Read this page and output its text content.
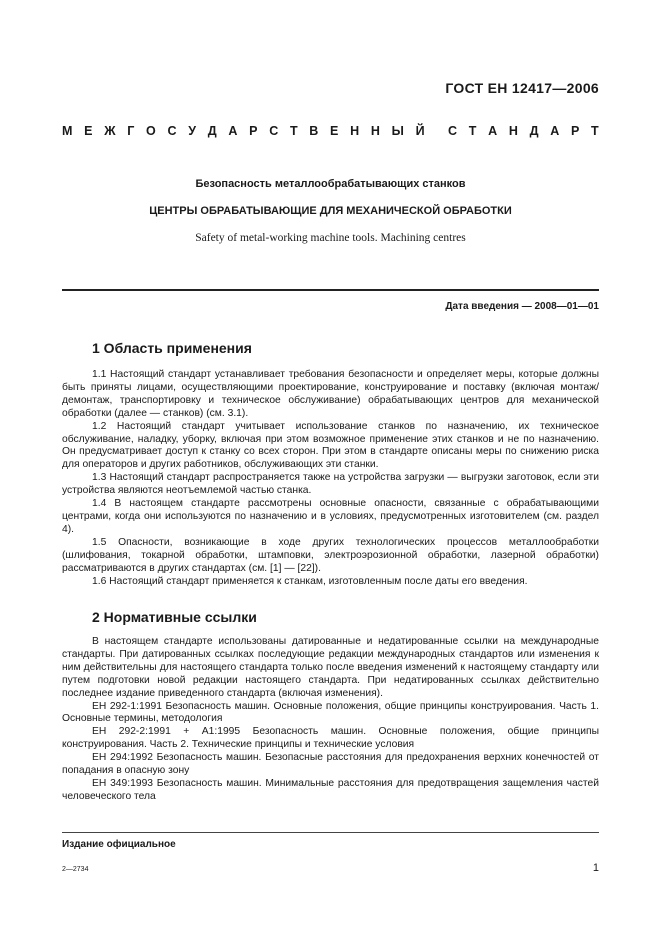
ГОСТ ЕН 12417—2006
М Е Ж Г О С У Д А Р С Т В Е Н Н Ы Й С Т А Н Д А Р Т
Безопасность металлообрабатывающих станков
ЦЕНТРЫ ОБРАБАТЫВАЮЩИЕ ДЛЯ МЕХАНИЧЕСКОЙ ОБРАБОТКИ
Safety of metal-working machine tools. Machining centres
Дата введения — 2008—01—01
1 Область применения

1.1 Настоящий стандарт устанавливает требования безопасности и определяет меры, которые должны быть приняты лицами, осуществляющими проектирование, конструирование и поставку (включая монтаж/демонтаж, транспортировку и техническое обслуживание) обрабатывающих центров для механической обработки (далее — станков) (см. 3.1).

1.2 Настоящий стандарт учитывает использование станков по назначению, их техническое обслуживание, наладку, уборку, включая при этом возможное применение этих станков и не по назначению. Он предусматривает доступ к станку со всех сторон. При этом в стандарте описаны меры по снижению риска для операторов и других работников, обслуживающих эти станки.

1.3 Настоящий стандарт распространяется также на устройства загрузки — выгрузки заготовок, если эти устройства являются неотъемлемой частью станка.

1.4 В настоящем стандарте рассмотрены основные опасности, связанные с обрабатывающими центрами, когда они используются по назначению и в условиях, предусмотренных изготовителем (см. раздел 4).

1.5 Опасности, возникающие в ходе других технологических процессов металлообработки (шлифования, токарной обработки, штамповки, электроэрозионной обработки, лазерной обработки) рассматриваются в других стандартах (см. [1] — [22]).

1.6 Настоящий стандарт применяется к станкам, изготовленным после даты его введения.

2 Нормативные ссылки

В настоящем стандарте использованы датированные и недатированные ссылки на международные стандарты. При датированных ссылках последующие редакции международных стандартов или изменения к ним действительны для настоящего стандарта только после введения изменений к настоящему стандарту или путем подготовки новой редакции настоящего стандарта. При недатированных ссылках действительно последнее издание приведенного стандарта (включая изменения).

ЕН 292-1:1991 Безопасность машин. Основные положения, общие принципы конструирования. Часть 1. Основные термины, методология

ЕН 292-2:1991 + А1:1995 Безопасность машин. Основные положения, общие принципы конструирования. Часть 2. Технические принципы и технические условия

ЕН 294:1992 Безопасность машин. Безопасные расстояния для предохранения верхних конечностей от попадания в опасную зону

ЕН 349:1993 Безопасность машин. Минимальные расстояния для предотвращения защемления частей человеческого тела

Издание официальное
2—2734	1
